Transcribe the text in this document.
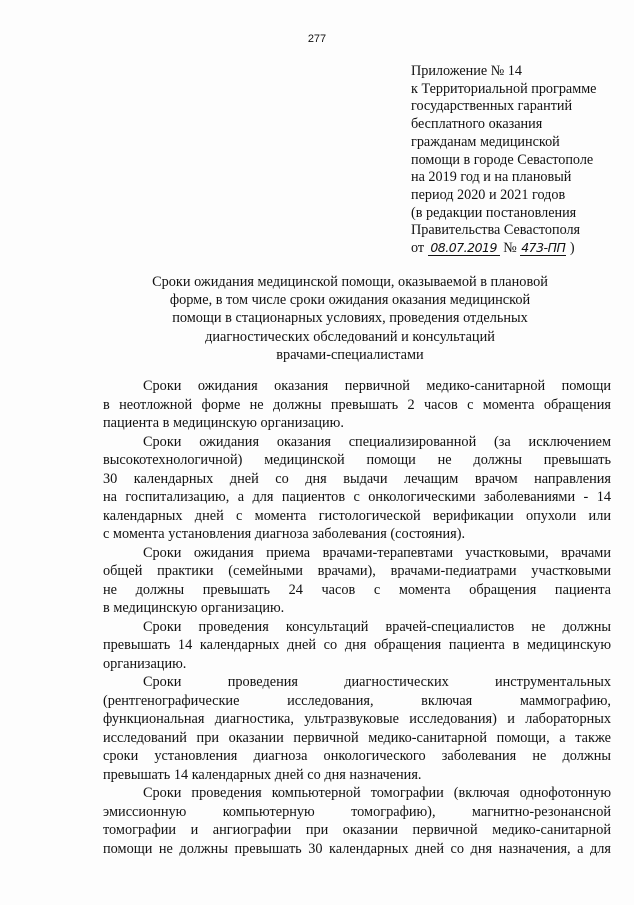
277
Приложение № 14
к Территориальной программе
государственных гарантий
бесплатного оказания
гражданам медицинской
помощи в городе Севастополе
на 2019 год и на плановый
период 2020 и 2021 годов
(в редакции постановления
Правительства Севастополя
от 08.07.2019 № 473-ПП )
Сроки ожидания медицинской помощи, оказываемой в плановой
форме, в том числе сроки ожидания оказания медицинской
помощи в стационарных условиях, проведения отдельных
диагностических обследований и консультаций
врачами-специалистами
Сроки ожидания оказания первичной медико-санитарной помощи
в неотложной форме не должны превышать 2 часов с момента обращения
пациента в медицинскую организацию.
Сроки ожидания оказания специализированной (за исключением
высокотехнологичной) медицинской помощи не должны превышать
30 календарных дней со дня выдачи лечащим врачом направления
на госпитализацию, а для пациентов с онкологическими заболеваниями - 14
календарных дней с момента гистологической верификации опухоли или
с момента установления диагноза заболевания (состояния).
Сроки ожидания приема врачами-терапевтами участковыми, врачами
общей практики (семейными врачами), врачами-педиатрами участковыми
не должны превышать 24 часов с момента обращения пациента
в медицинскую организацию.
Сроки проведения консультаций врачей-специалистов не должны
превышать 14 календарных дней со дня обращения пациента в медицинскую
организацию.
Сроки проведения диагностических инструментальных
(рентгенографические исследования, включая маммографию,
функциональная диагностика, ультразвуковые исследования) и лабораторных
исследований при оказании первичной медико-санитарной помощи, а также
сроки установления диагноза онкологического заболевания не должны
превышать 14 календарных дней со дня назначения.
Сроки проведения компьютерной томографии (включая однофотонную
эмиссионную компьютерную томографию), магнитно-резонансной
томографии и ангиографии при оказании первичной медико-санитарной
помощи не должны превышать 30 календарных дней со дня назначения, а для
